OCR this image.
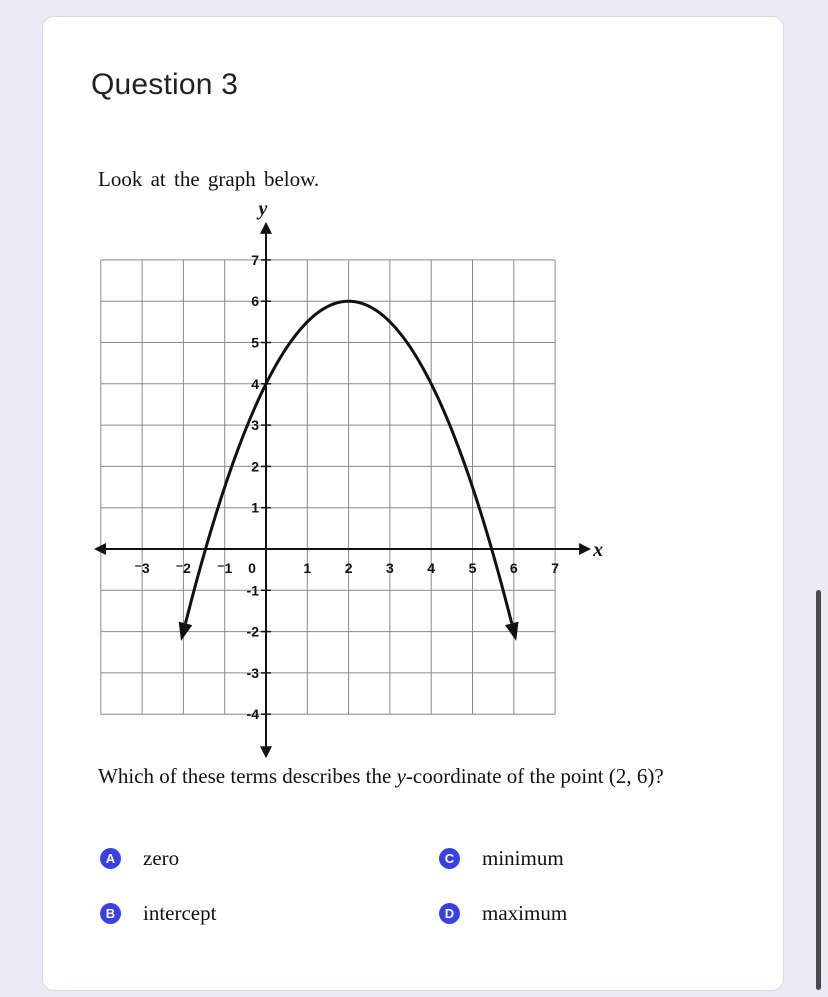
Question 3
Look at the graph below.
⁻3 ⁻2 ⁻1 0	1 2 3 4 5 6 7
7
6
5
4
3
2
1
-1
-2
-3
-4
x
y
Which of these terms describes the y-coordinate of the point (2, 6)?
A zero
B intercept
C minimum
D maximum
